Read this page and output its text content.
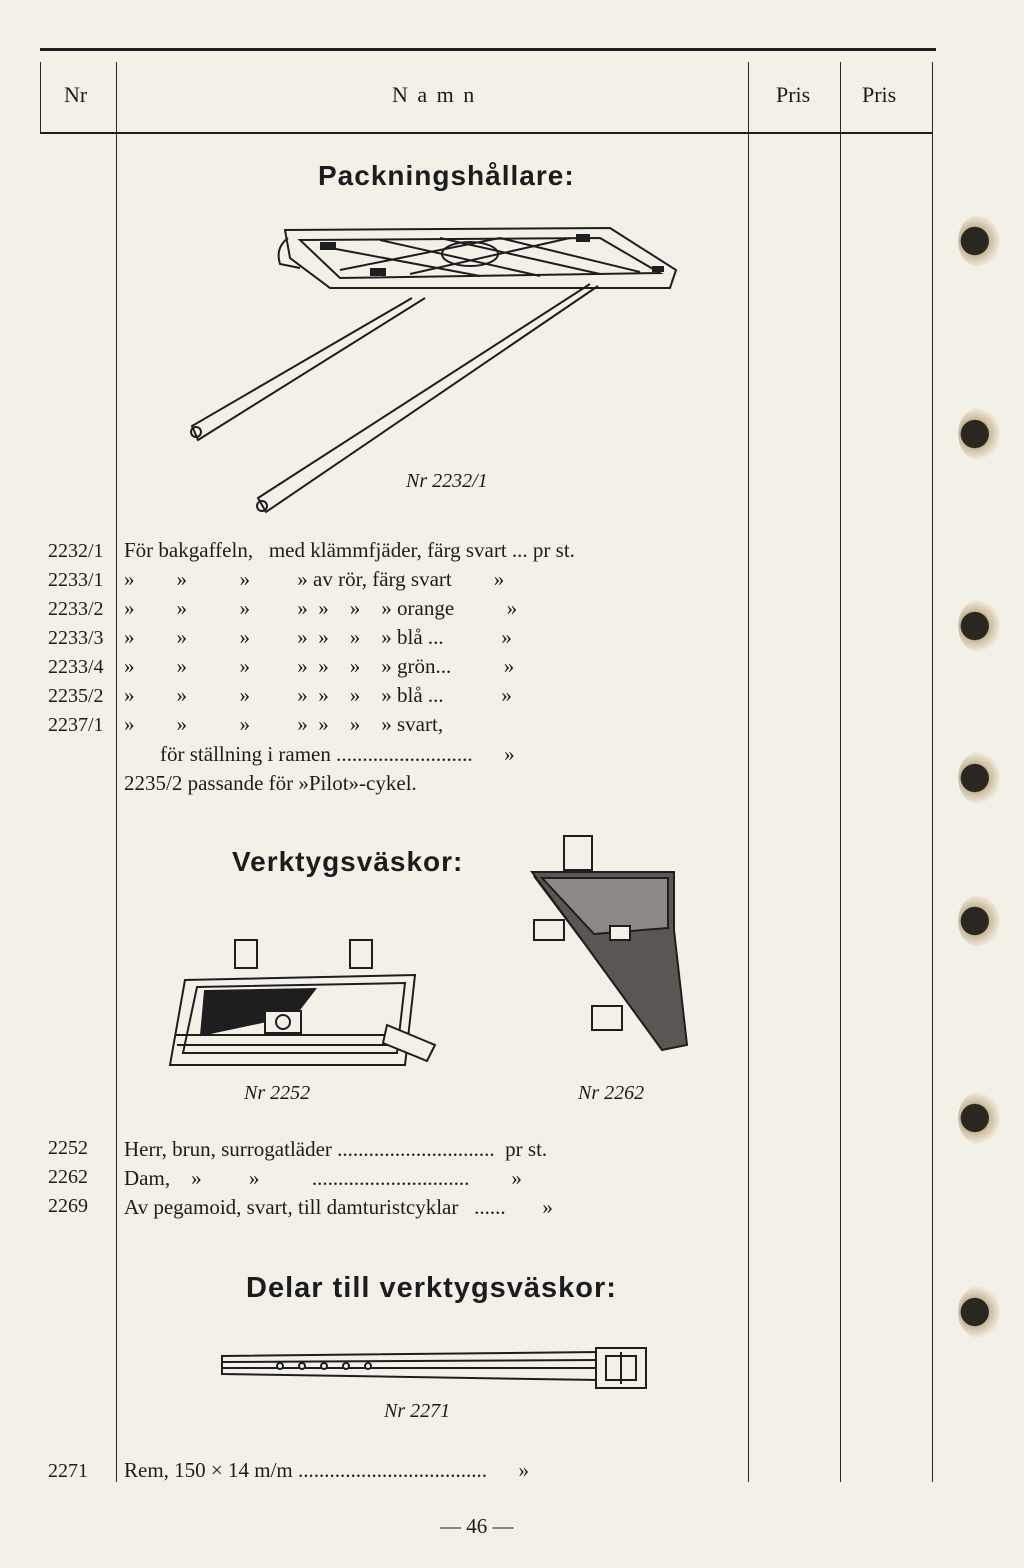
Nr	N a m n	Pris Pris
Packningshållare:
Nr 2232/1
2232/1 För bakgaffeln,   med klämmfjäder, färg svart ... pr st.
2233/1 »        »          »         » av rör, färg svart        »
2233/2 »        »          »         »  »    »    » orange          »
2233/3 »        »          »         »  »    »    » blå ...           »
2233/4 »        »          »         »  »    »    » grön...          »
2235/2 »        »          »         »  »    »    » blå ...           »
2237/1 »        »          »         »  »    »    » svart,
för ställning i ramen ..........................      »
2235/2 passande för »Pilot»-cykel.
Verktygsväskor:
Nr 2252	Nr 2262
2252 Herr, brun, surrogatläder ..............................  pr st.
2262 Dam,    »         »          ..............................        »
2269 Av pegamoid, svart, till damturistcyklar   ......       »
Delar till verktygsväskor:
Nr 2271
2271 Rem, 150 × 14 m/m ....................................      »
— 46 —
